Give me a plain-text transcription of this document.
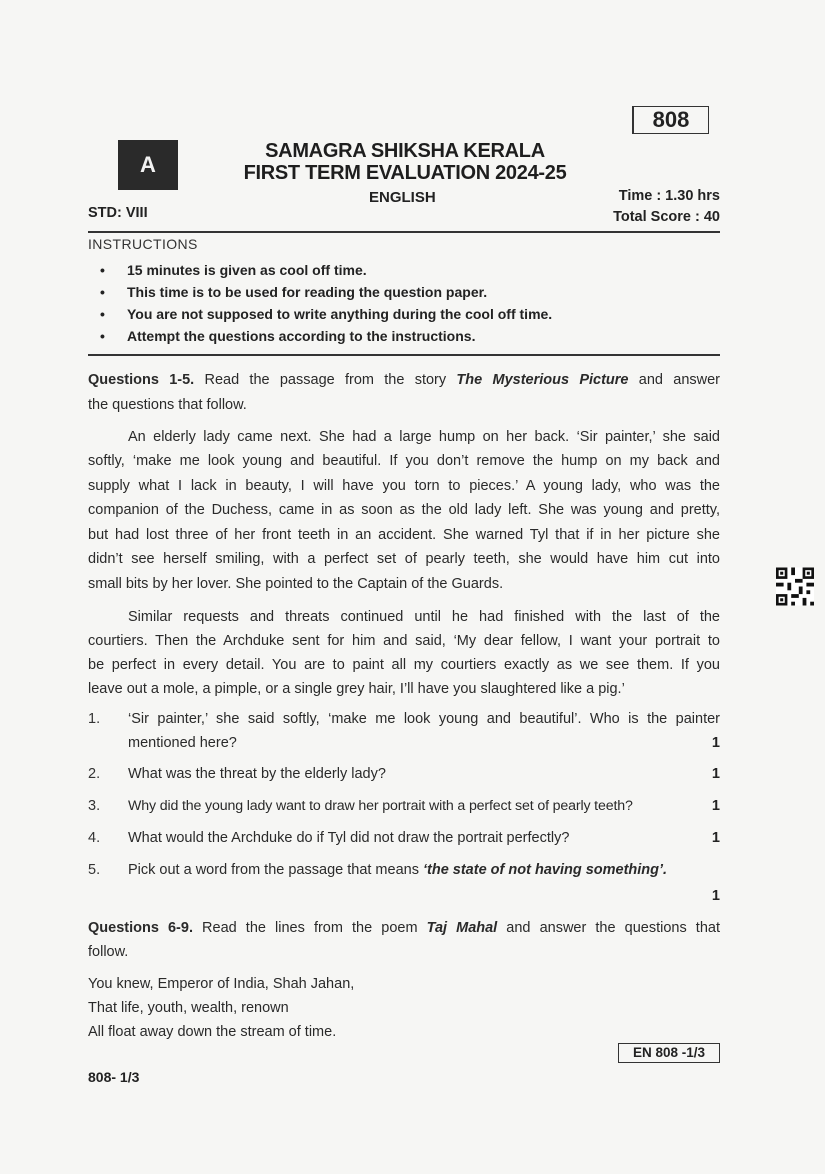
808
A
SAMAGRA SHIKSHA KERALA
FIRST TERM EVALUATION 2024-25
ENGLISH	Time : 1.30 hrs
STD: VIII	Total Score : 40
INSTRUCTIONS
• 15 minutes is given as cool off time.
• This time is to be used for reading the question paper.
• You are not supposed to write anything during the cool off time.
• Attempt the questions according to the instructions.
Questions 1-5. Read the passage from the story The Mysterious Picture and answer
the questions that follow.
An elderly lady came next. She had a large hump on her back. ‘Sir painter,’ she said
softly, ‘make me look young and beautiful. If you don’t remove the hump on my back and
supply what I lack in beauty, I will have you torn to pieces.’ A young lady, who was the
companion of the Duchess, came in as soon as the old lady left. She was young and pretty,
but had lost three of her front teeth in an accident. She warned Tyl that if in her picture she
didn’t see herself smiling, with a perfect set of pearly teeth, she would have him cut into
small bits by her lover. She pointed to the Captain of the Guards.
Similar requests and threats continued until he had finished with the last of the
courtiers. Then the Archduke sent for him and said, ‘My dear fellow, I want your portrait to
be perfect in every detail. You are to paint all my courtiers exactly as we see them. If you
leave out a mole, a pimple, or a single grey hair, I’ll have you slaughtered like a pig.’
1. ‘Sir painter,’ she said softly, ‘make me look young and beautiful’. Who is the painter
mentioned here?	1
2. What was the threat by the elderly lady?	1
3. Why did the young lady want to draw her portrait with a perfect set of pearly teeth?	1
4. What would the Archduke do if Tyl did not draw the portrait perfectly?	1
5. Pick out a word from the passage that means ‘the state of not having something’.
1
Questions 6-9. Read the lines from the poem Taj Mahal and answer the questions that
follow.
You knew, Emperor of India, Shah Jahan,
That life, youth, wealth, renown
All float away down the stream of time.
EN 808 -1/3
808- 1/3
